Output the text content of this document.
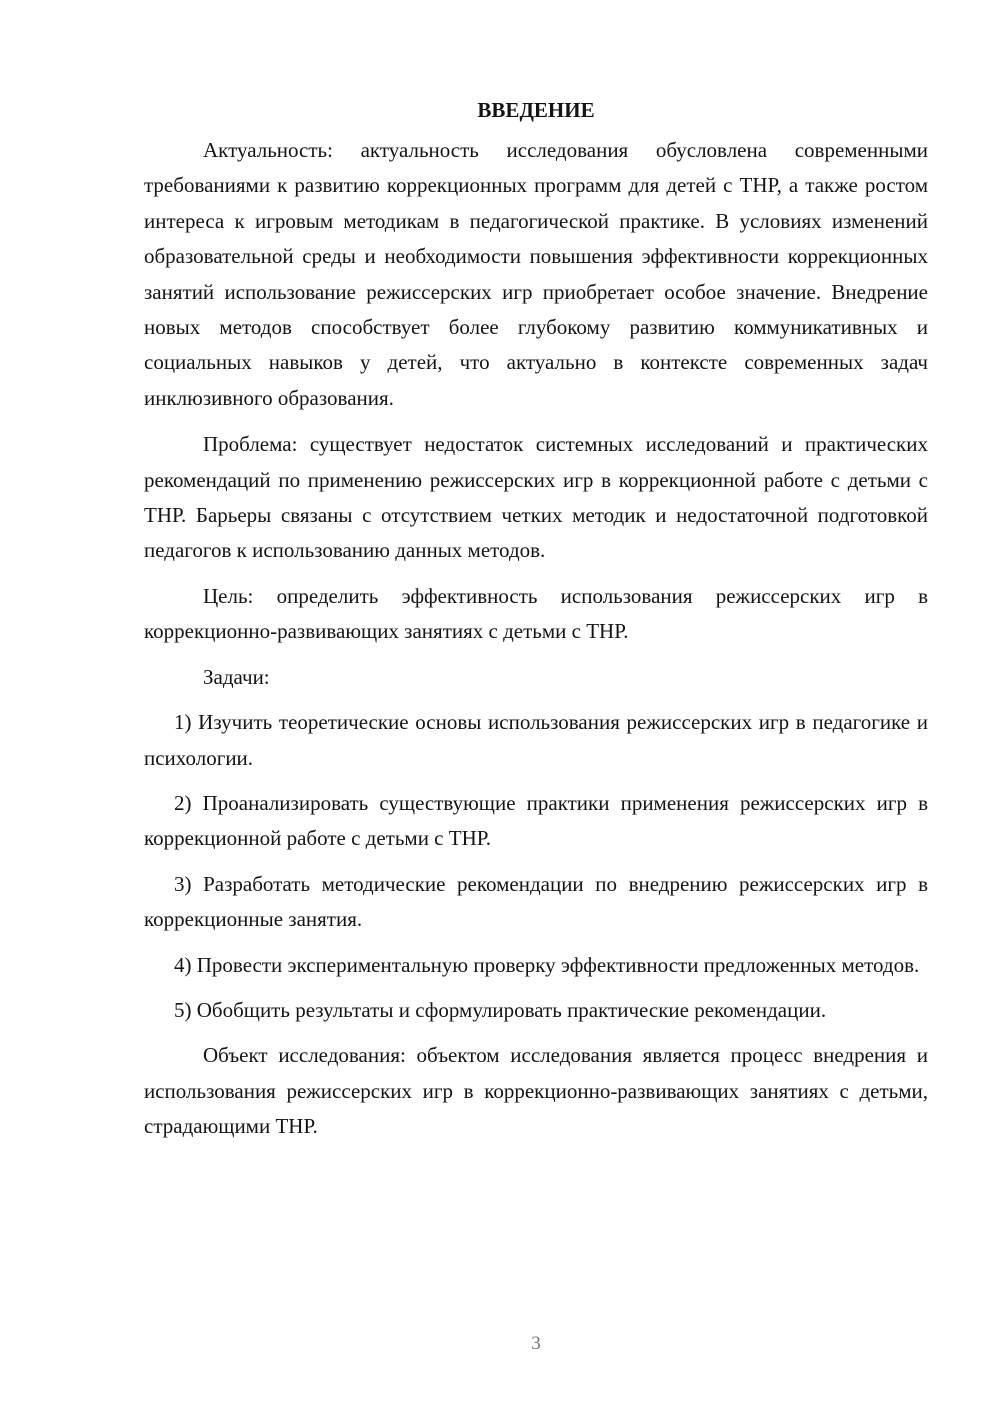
ВВЕДЕНИЕ

Актуальность: актуальность исследования обусловлена современными требованиями к развитию коррекционных программ для детей с ТНР, а также ростом интереса к игровым методикам в педагогической практике. В условиях изменений образовательной среды и необходимости повышения эффективности коррекционных занятий использование режиссерских игр приобретает особое значение. Внедрение новых методов способствует более глубокому развитию коммуникативных и социальных навыков у детей, что актуально в контексте современных задач инклюзивного образования.

Проблема: существует недостаток системных исследований и практических рекомендаций по применению режиссерских игр в коррекционной работе с детьми с ТНР. Барьеры связаны с отсутствием четких методик и недостаточной подготовкой педагогов к использованию данных методов.

Цель: определить эффективность использования режиссерских игр в коррекционно-развивающих занятиях с детьми с ТНР.

Задачи:

1) Изучить теоретические основы использования режиссерских игр в педагогике и психологии.

2) Проанализировать существующие практики применения режиссерских игр в коррекционной работе с детьми с ТНР.

3) Разработать методические рекомендации по внедрению режиссерских игр в коррекционные занятия.

4) Провести экспериментальную проверку эффективности предложенных методов.

5) Обобщить результаты и сформулировать практические рекомендации.

Объект исследования: объектом исследования является процесс внедрения и использования режиссерских игр в коррекционно-развивающих занятиях с детьми, страдающими ТНР.

3
